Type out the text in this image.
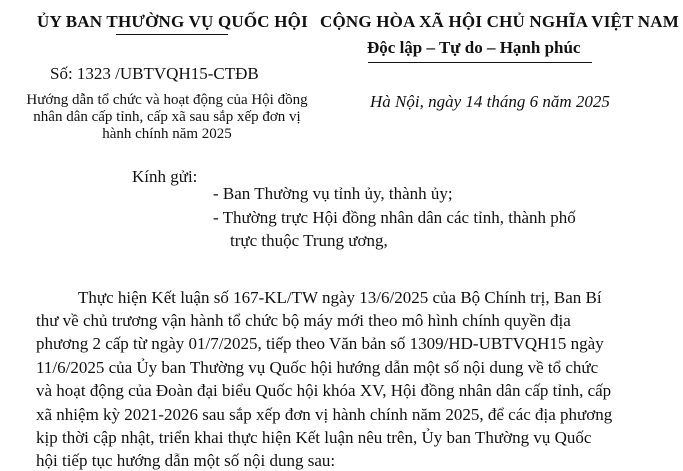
ỦY BAN THƯỜNG VỤ QUỐC HỘI CỘNG HÒA XÃ HỘI CHỦ NGHĨA VIỆT NAM
Độc lập – Tự do – Hạnh phúc
Số: 1323 /UBTVQH15-CTĐB
Hướng dẫn tổ chức và hoạt động của Hội đồng nhân dân cấp tỉnh, cấp xã sau sắp xếp đơn vị hành chính năm 2025
Hà Nội, ngày 14 tháng 6 năm 2025
Kính gửi:
- Ban Thường vụ tỉnh ủy, thành ủy;
- Thường trực Hội đồng nhân dân các tỉnh, thành phố
trực thuộc Trung ương,
Thực hiện Kết luận số 167-KL/TW ngày 13/6/2025 của Bộ Chính trị, Ban Bí
thư về chủ trương vận hành tổ chức bộ máy mới theo mô hình chính quyền địa
phương 2 cấp từ ngày 01/7/2025, tiếp theo Văn bản số 1309/HD-UBTVQH15 ngày
11/6/2025 của Ủy ban Thường vụ Quốc hội hướng dẫn một số nội dung về tổ chức
và hoạt động của Đoàn đại biểu Quốc hội khóa XV, Hội đồng nhân dân cấp tỉnh, cấp
xã nhiệm kỳ 2021-2026 sau sắp xếp đơn vị hành chính năm 2025, để các địa phương
kịp thời cập nhật, triển khai thực hiện Kết luận nêu trên, Ủy ban Thường vụ Quốc
hội tiếp tục hướng dẫn một số nội dung sau:
